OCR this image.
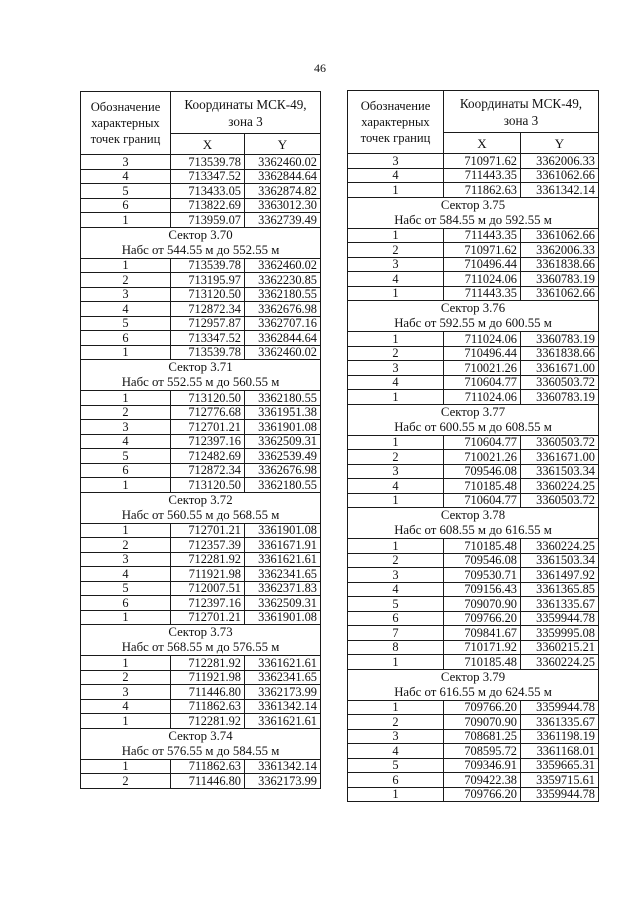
46
Обозначение характерных точек границ	Координаты МСК-49, зона 3	
	X	Y
3	713539.78	3362460.02
4	713347.52	3362844.64
5	713433.05	3362874.82
6	713822.69	3363012.30
1	713959.07	3362739.49
Сектор 3.70		
Набс от 544.55 м до 552.55 м		
1	713539.78	3362460.02
2	713195.97	3362230.85
3	713120.50	3362180.55
4	712872.34	3362676.98
5	712957.87	3362707.16
6	713347.52	3362844.64
1	713539.78	3362460.02
Сектор 3.71		
Набс от 552.55 м до 560.55 м		
1	713120.50	3362180.55
2	712776.68	3361951.38
3	712701.21	3361901.08
4	712397.16	3362509.31
5	712482.69	3362539.49
6	712872.34	3362676.98
1	713120.50	3362180.55
Сектор 3.72		
Набс от 560.55 м до 568.55 м		
1	712701.21	3361901.08
2	712357.39	3361671.91
3	712281.92	3361621.61
4	711921.98	3362341.65
5	712007.51	3362371.83
6	712397.16	3362509.31
1	712701.21	3361901.08
Сектор 3.73		
Набс от 568.55 м до 576.55 м		
1	712281.92	3361621.61
2	711921.98	3362341.65
3	711446.80	3362173.99
4	711862.63	3361342.14
1	712281.92	3361621.61
Сектор 3.74		
Набс от 576.55 м до 584.55 м		
1	711862.63	3361342.14
2	711446.80	3362173.99
Обозначение характерных точек границ	Координаты МСК-49, зона 3	
	X	Y
3	710971.62	3362006.33
4	711443.35	3361062.66
1	711862.63	3361342.14
Сектор 3.75		
Набс от 584.55 м до 592.55 м		
1	711443.35	3361062.66
2	710971.62	3362006.33
3	710496.44	3361838.66
4	711024.06	3360783.19
1	711443.35	3361062.66
Сектор 3.76		
Набс от 592.55 м до 600.55 м		
1	711024.06	3360783.19
2	710496.44	3361838.66
3	710021.26	3361671.00
4	710604.77	3360503.72
1	711024.06	3360783.19
Сектор 3.77		
Набс от 600.55 м до 608.55 м		
1	710604.77	3360503.72
2	710021.26	3361671.00
3	709546.08	3361503.34
4	710185.48	3360224.25
1	710604.77	3360503.72
Сектор 3.78		
Набс от 608.55 м до 616.55 м		
1	710185.48	3360224.25
2	709546.08	3361503.34
3	709530.71	3361497.92
4	709156.43	3361365.85
5	709070.90	3361335.67
6	709766.20	3359944.78
7	709841.67	3359995.08
8	710171.92	3360215.21
1	710185.48	3360224.25
Сектор 3.79		
Набс от 616.55 м до 624.55 м		
1	709766.20	3359944.78
2	709070.90	3361335.67
3	708681.25	3361198.19
4	708595.72	3361168.01
5	709346.91	3359665.31
6	709422.38	3359715.61
1	709766.20	3359944.78
